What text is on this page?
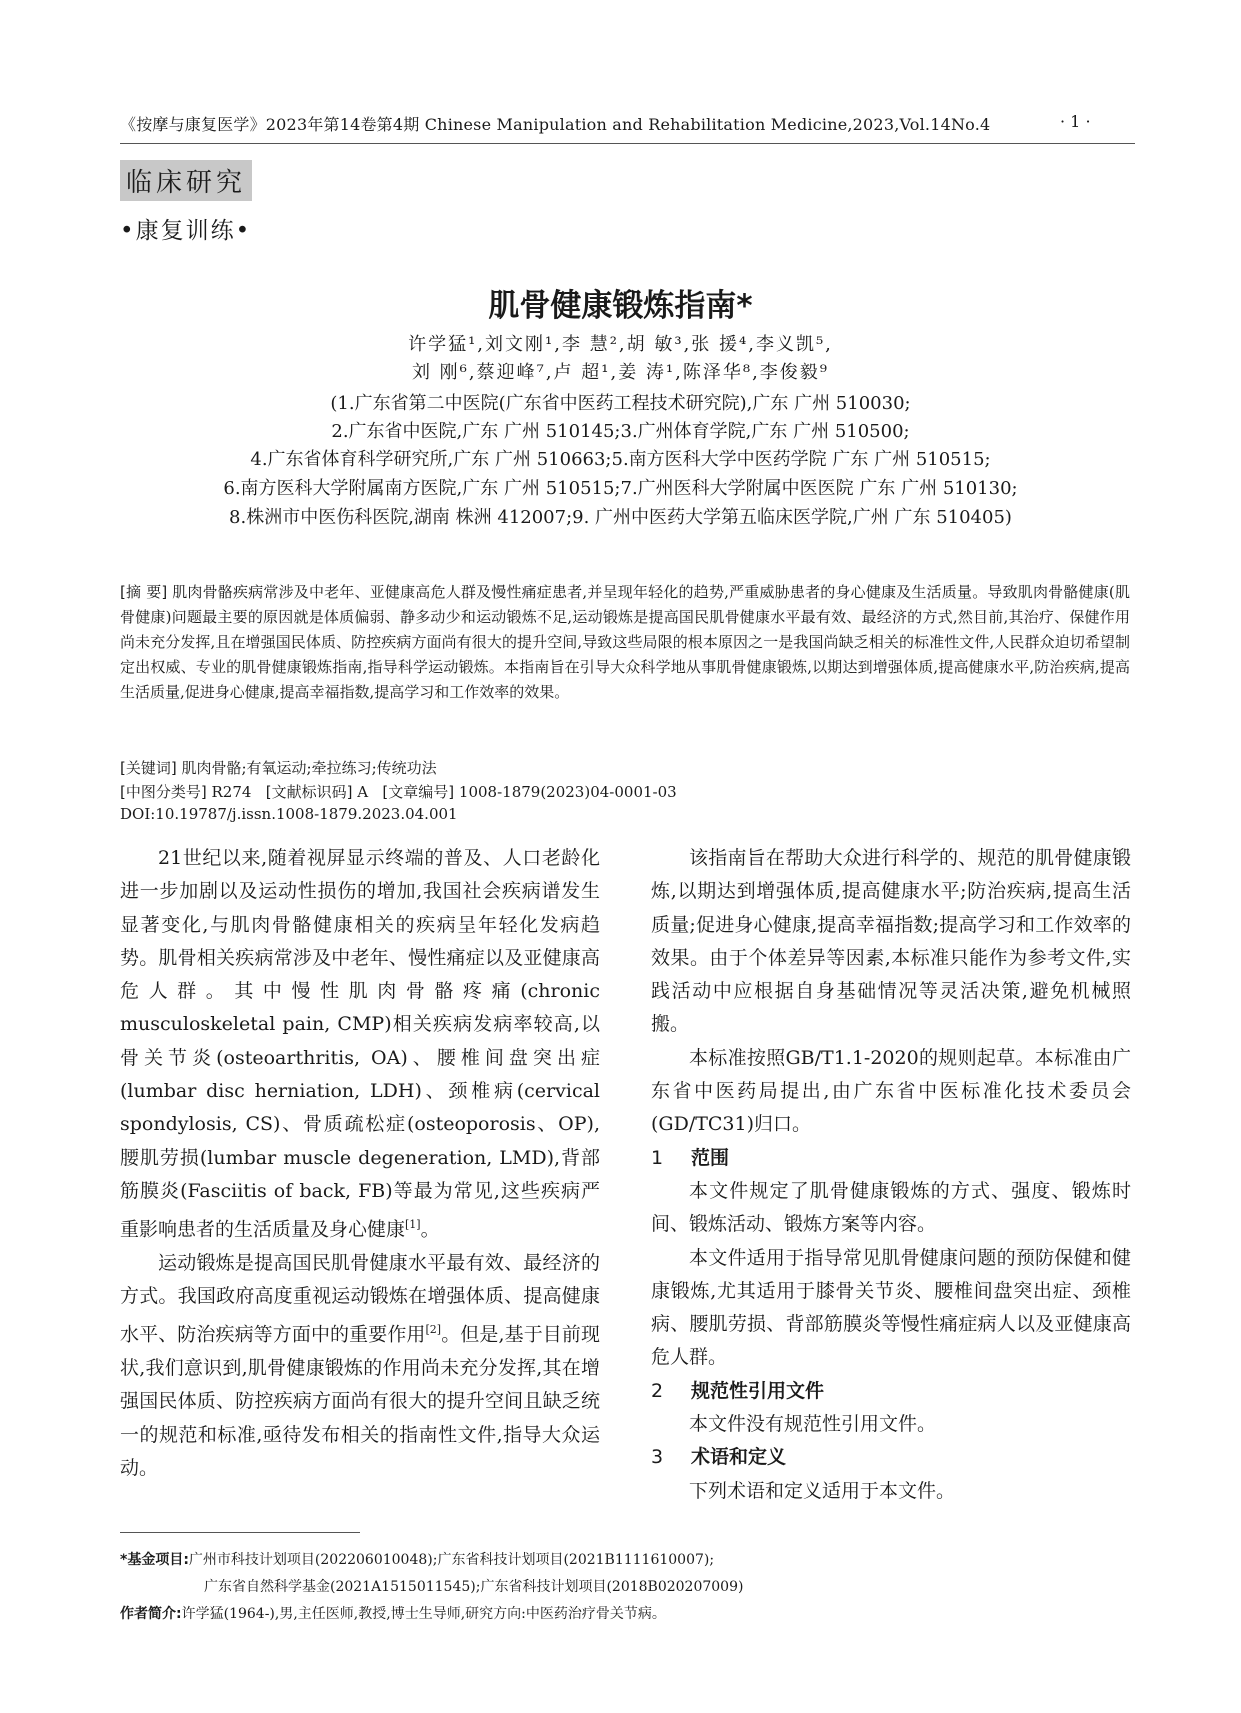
《按摩与康复医学》2023年第14卷第4期 Chinese Manipulation and Rehabilitation Medicine,2023,Vol.14No.4	· 1 ·
临床研究
•康复训练•
肌骨健康锻炼指南*
许学猛¹,刘文刚¹,李 慧²,胡 敏³,张 援⁴,李义凯⁵,
刘 刚⁶,蔡迎峰⁷,卢 超¹,姜 涛¹,陈泽华⁸,李俊毅⁹
(1.广东省第二中医院(广东省中医药工程技术研究院),广东 广州 510030;
2.广东省中医院,广东 广州 510145;3.广州体育学院,广东 广州 510500;
4.广东省体育科学研究所,广东 广州 510663;5.南方医科大学中医药学院 广东 广州 510515;
6.南方医科大学附属南方医院,广东 广州 510515;7.广州医科大学附属中医医院 广东 广州 510130;
8.株洲市中医伤科医院,湖南 株洲 412007;9. 广州中医药大学第五临床医学院,广州 广东 510405)
[摘 要] 肌肉骨骼疾病常涉及中老年、亚健康高危人群及慢性痛症患者,并呈现年轻化的趋势,严重威胁患者的身心健康及生活质量。导致肌肉骨骼健康(肌骨健康)问题最主要的原因就是体质偏弱、静多动少和运动锻炼不足,运动锻炼是提高国民肌骨健康水平最有效、最经济的方式,然目前,其治疗、保健作用尚未充分发挥,且在增强国民体质、防控疾病方面尚有很大的提升空间,导致这些局限的根本原因之一是我国尚缺乏相关的标准性文件,人民群众迫切希望制定出权威、专业的肌骨健康锻炼指南,指导科学运动锻炼。本指南旨在引导大众科学地从事肌骨健康锻炼,以期达到增强体质,提高健康水平,防治疾病,提高生活质量,促进身心健康,提高幸福指数,提高学习和工作效率的效果。
[关键词] 肌肉骨骼;有氧运动;牵拉练习;传统功法
[中图分类号] R274 [文献标识码] A [文章编号] 1008-1879(2023)04-0001-03
DOI:10.19787/j.issn.1008-1879.2023.04.001

21世纪以来,随着视屏显示终端的普及、人口老龄化进一步加剧以及运动性损伤的增加,我国社会疾病谱发生显著变化,与肌肉骨骼健康相关的疾病呈年轻化发病趋势。肌骨相关疾病常涉及中老年、慢性痛症以及亚健康高危人群。其中慢性肌肉骨骼疼痛(chronic musculoskeletal pain, CMP)相关疾病发病率较高,以骨关节炎(osteoarthritis, OA)、腰椎间盘突出症(lumbar disc herniation, LDH)、颈椎病(cervical spondylosis, CS)、骨质疏松症(osteoporosis、OP),腰肌劳损(lumbar muscle degeneration, LMD),背部筋膜炎(Fasciitis of back, FB)等最为常见,这些疾病严重影响患者的生活质量及身心健康[1]。

运动锻炼是提高国民肌骨健康水平最有效、最经济的方式。我国政府高度重视运动锻炼在增强体质、提高健康水平、防治疾病等方面中的重要作用[2]。但是,基于目前现状,我们意识到,肌骨健康锻炼的作用尚未充分发挥,其在增强国民体质、防控疾病方面尚有很大的提升空间且缺乏统一的规范和标准,亟待发布相关的指南性文件,指导大众运动。

该指南旨在帮助大众进行科学的、规范的肌骨健康锻炼,以期达到增强体质,提高健康水平;防治疾病,提高生活质量;促进身心健康,提高幸福指数;提高学习和工作效率的效果。由于个体差异等因素,本标准只能作为参考文件,实践活动中应根据自身基础情况等灵活决策,避免机械照搬。

本标准按照GB/T1.1-2020的规则起草。本标准由广东省中医药局提出,由广东省中医标准化技术委员会(GD/TC31)归口。

1 范围

本文件规定了肌骨健康锻炼的方式、强度、锻炼时间、锻炼活动、锻炼方案等内容。

本文件适用于指导常见肌骨健康问题的预防保健和健康锻炼,尤其适用于膝骨关节炎、腰椎间盘突出症、颈椎病、腰肌劳损、背部筋膜炎等慢性痛症病人以及亚健康高危人群。

2 规范性引用文件

本文件没有规范性引用文件。

3 术语和定义

下列术语和定义适用于本文件。

*基金项目:广州市科技计划项目(202206010048);广东省科技计划项目(2021B1111610007);
广东省自然科学基金(2021A1515011545);广东省科技计划项目(2018B020207009)
作者简介:许学猛(1964-),男,主任医师,教授,博士生导师,研究方向:中医药治疗骨关节病。
